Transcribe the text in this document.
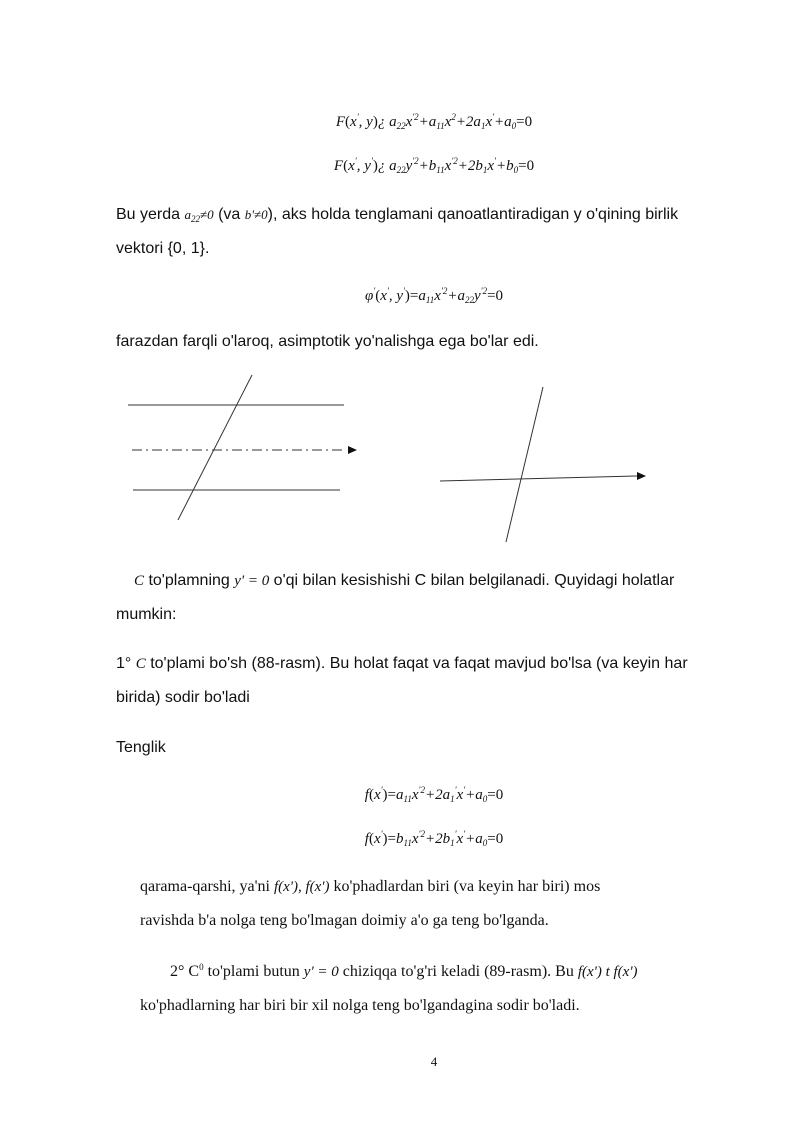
F(x', y)¿ $a_{22}x^{'2}+a_{11}x^2+2a_1x'+a_0=0$
F(x', y')¿ $a_{22}y^{'2}+b_{11}x^{'2}+2b_1x'+b_0=0$
Bu yerda $a_{22}\ne 0$ (va b'≠0), aks holda tenglamani qanoatlantiradigan y o'qining birlik
vektori {0, 1}.
φ'(x', $y')=a_{11}x^{'2}+a_{22}y^{'2}=0$
farazdan farqli o'laroq, asimptotik yo'nalishga ega bo'lar edi.
C to'plamning y' = 0 o'qi bilan kesishishi C bilan belgilanadi. Quyidagi holatlar
mumkin:
1° C to'plami bo'sh (88-rasm). Bu holat faqat va faqat mavjud bo'lsa (va keyin har
birida) sodir bo'ladi
Tenglik
$f(x')=a_{11}x^{'2}+2a_1'x'+a_0=0$
$f(x')=b_{11}x^{'2}+2b_1'x'+a_0=0$
qarama-qarshi, ya'ni f(x'), f(x') ko'phadlardan biri (va keyin har biri) mos
ravishda b'a nolga teng bo'lmagan doimiy a'o ga teng bo'lganda.
2° $C^0$ to'plami butun y' = 0 chiziqqa to'g'ri keladi (89-rasm). Bu f(x') t f(x')
ko'phadlarning har biri bir xil nolga teng bo'lgandagina sodir bo'ladi.
4
